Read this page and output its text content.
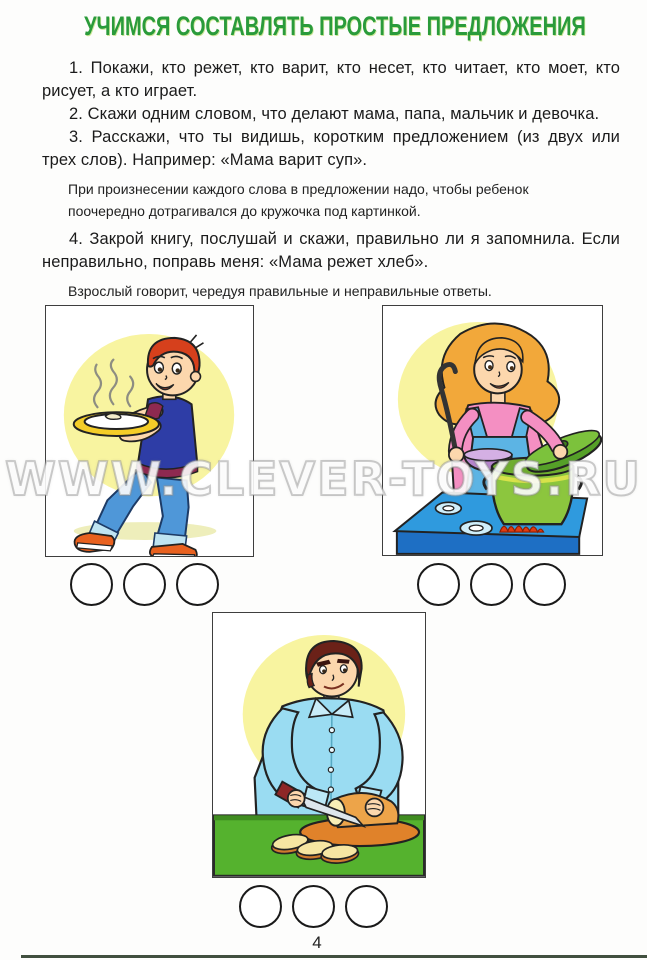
УЧИМСЯ СОСТАВЛЯТЬ ПРОСТЫЕ ПРЕДЛОЖЕНИЯ

1. Покажи, кто режет, кто варит, кто несет, кто читает, кто моет, кто рисует, а кто играет.

2. Скажи одним словом, что делают мама, папа, мальчик и девочка.

3. Расскажи, что ты видишь, коротким предложением (из двух или трех слов). Например: «Мама варит суп».

При произнесении каждого слова в предложении надо, чтобы ребенок поочередно дотрагивался до кружочка под картинкой.

4. Закрой книгу, послушай и скажи, правильно ли я запомнила. Если неправильно, поправь меня: «Мама режет хлеб».

Взрослый говорит, чередуя правильные и неправильные ответы.

WWW.CLEVER-TOYS.RU
4
